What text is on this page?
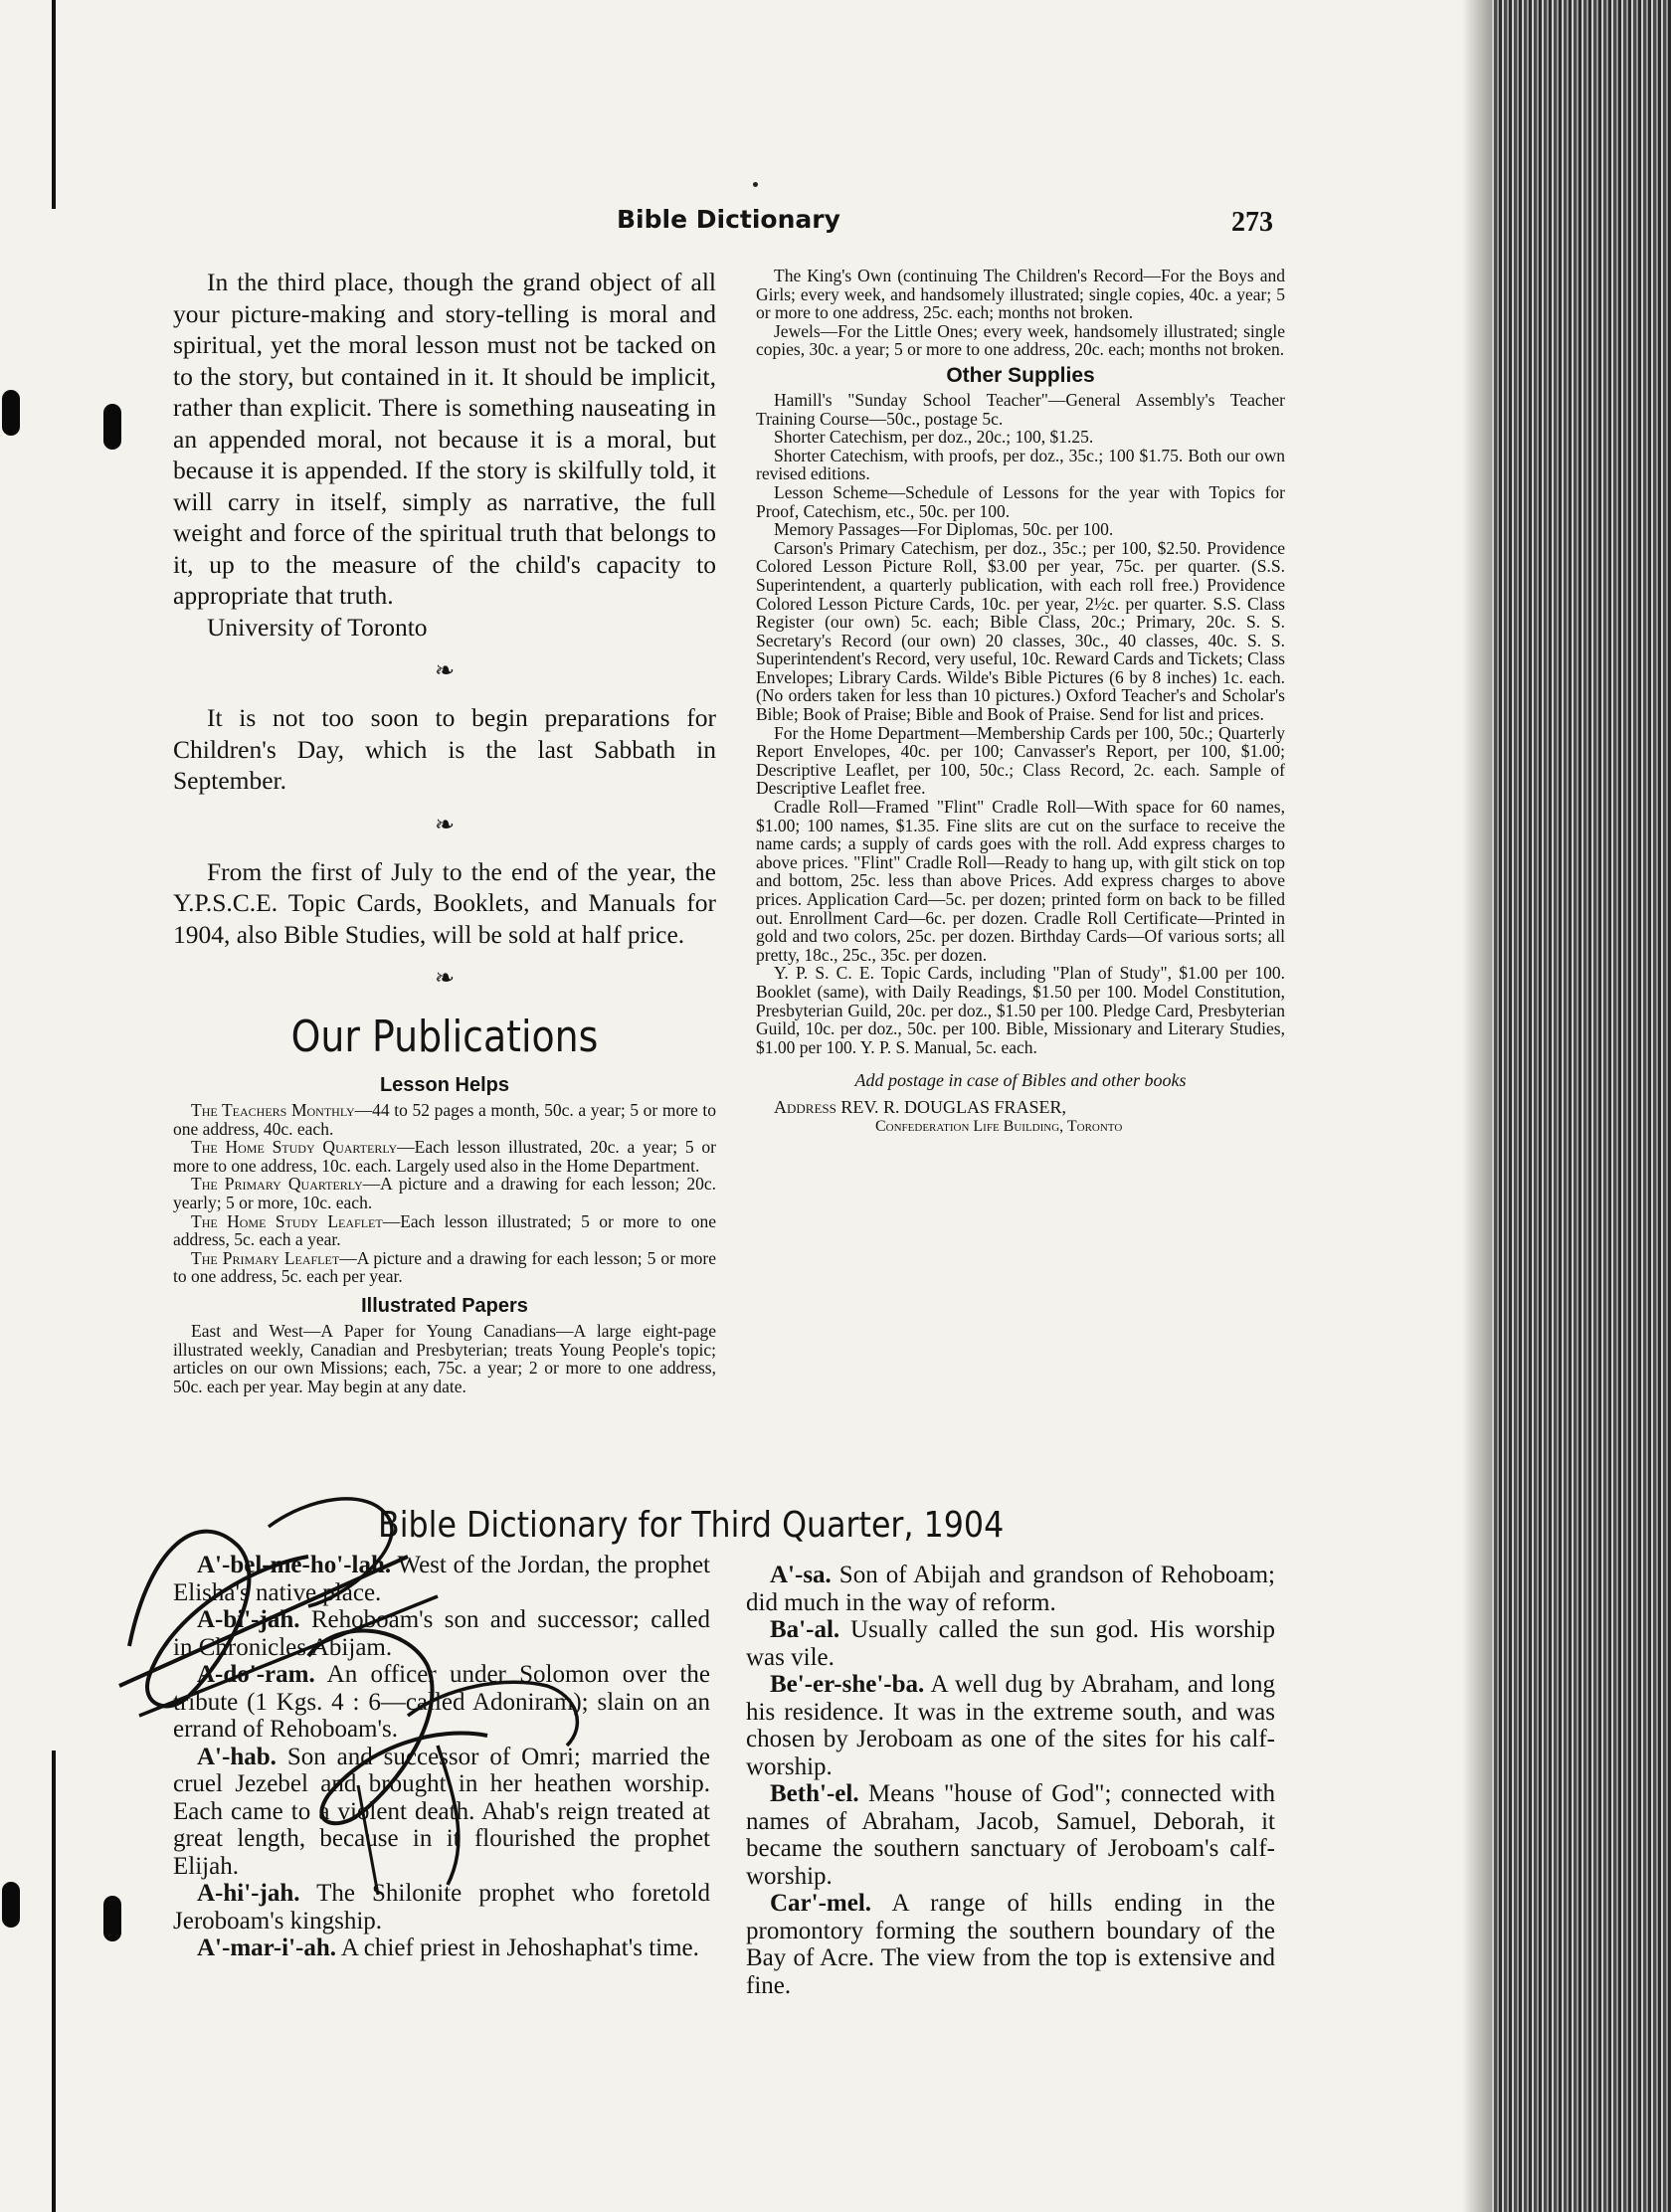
Bible Dictionary	273

In the third place, though the grand object of all your picture-making and story-telling is moral and spiritual, yet the moral lesson must not be tacked on to the story, but contained in it. It should be implicit, rather than explicit. There is something nauseating in an appended moral, not because it is a moral, but because it is appended. If the story is skilfully told, it will carry in itself, simply as narrative, the full weight and force of the spiritual truth that belongs to it, up to the measure of the child's capacity to appropriate that truth.

University of Toronto

❧

It is not too soon to begin preparations for Children's Day, which is the last Sabbath in September.

❧

From the first of July to the end of the year, the Y.P.S.C.E. Topic Cards, Booklets, and Manuals for 1904, also Bible Studies, will be sold at half price.

❧
Our Publications
Lesson Helps

The Teachers Monthly—44 to 52 pages a month, 50c. a year; 5 or more to one address, 40c. each.

The Home Study Quarterly—Each lesson illustrated, 20c. a year; 5 or more to one address, 10c. each. Largely used also in the Home Department.

The Primary Quarterly—A picture and a drawing for each lesson; 20c. yearly; 5 or more, 10c. each.

The Home Study Leaflet—Each lesson illustrated; 5 or more to one address, 5c. each a year.

The Primary Leaflet—A picture and a drawing for each lesson; 5 or more to one address, 5c. each per year.

Illustrated Papers

East and West—A Paper for Young Canadians—A large eight-page illustrated weekly, Canadian and Presbyterian; treats Young People's topic; articles on our own Missions; each, 75c. a year; 2 or more to one address, 50c. each per year. May begin at any date.

The King's Own (continuing The Children's Record—For the Boys and Girls; every week, and handsomely illustrated; single copies, 40c. a year; 5 or more to one address, 25c. each; months not broken.

Jewels—For the Little Ones; every week, handsomely illustrated; single copies, 30c. a year; 5 or more to one address, 20c. each; months not broken.

Other Supplies

Hamill's "Sunday School Teacher"—General Assembly's Teacher Training Course—50c., postage 5c.

Shorter Catechism, per doz., 20c.; 100, $1.25.

Shorter Catechism, with proofs, per doz., 35c.; 100 $1.75. Both our own revised editions.

Lesson Scheme—Schedule of Lessons for the year with Topics for Proof, Catechism, etc., 50c. per 100.

Memory Passages—For Diplomas, 50c. per 100.

Carson's Primary Catechism, per doz., 35c.; per 100, $2.50. Providence Colored Lesson Picture Roll, $3.00 per year, 75c. per quarter. (S.S. Superintendent, a quarterly publication, with each roll free.) Providence Colored Lesson Picture Cards, 10c. per year, 2½c. per quarter. S.S. Class Register (our own) 5c. each; Bible Class, 20c.; Primary, 20c. S. S. Secretary's Record (our own) 20 classes, 30c., 40 classes, 40c. S. S. Superintendent's Record, very useful, 10c. Reward Cards and Tickets; Class Envelopes; Library Cards. Wilde's Bible Pictures (6 by 8 inches) 1c. each. (No orders taken for less than 10 pictures.) Oxford Teacher's and Scholar's Bible; Book of Praise; Bible and Book of Praise. Send for list and prices.

For the Home Department—Membership Cards per 100, 50c.; Quarterly Report Envelopes, 40c. per 100; Canvasser's Report, per 100, $1.00; Descriptive Leaflet, per 100, 50c.; Class Record, 2c. each. Sample of Descriptive Leaflet free.

Cradle Roll—Framed "Flint" Cradle Roll—With space for 60 names, $1.00; 100 names, $1.35. Fine slits are cut on the surface to receive the name cards; a supply of cards goes with the roll. Add express charges to above prices. "Flint" Cradle Roll—Ready to hang up, with gilt stick on top and bottom, 25c. less than above Prices. Add express charges to above prices. Application Card—5c. per dozen; printed form on back to be filled out. Enrollment Card—6c. per dozen. Cradle Roll Certificate—Printed in gold and two colors, 25c. per dozen. Birthday Cards—Of various sorts; all pretty, 18c., 25c., 35c. per dozen.

Y. P. S. C. E. Topic Cards, including "Plan of Study", $1.00 per 100. Booklet (same), with Daily Readings, $1.50 per 100. Model Constitution, Presbyterian Guild, 20c. per doz., $1.50 per 100. Pledge Card, Presbyterian Guild, 10c. per doz., 50c. per 100. Bible, Missionary and Literary Studies, $1.00 per 100. Y. P. S. Manual, 5c. each.

Add postage in case of Bibles and other books
Address REV. R. DOUGLAS FRASER,
Confederation Life Building, Toronto
Bible Dictionary for Third Quarter, 1904

A'-bel-me-ho'-lah. West of the Jordan, the prophet Elisha's native place.

A-bi'-jah. Rehoboam's son and successor; called in Chronicles Abijam.

A-do'-ram. An officer under Solomon over the tribute (1 Kgs. 4 : 6—called Adoniram); slain on an errand of Rehoboam's.

A'-hab. Son and successor of Omri; married the cruel Jezebel and brought in her heathen worship. Each came to a violent death. Ahab's reign treated at great length, because in it flourished the prophet Elijah.

A-hi'-jah. The Shilonite prophet who foretold Jeroboam's kingship.

A'-mar-i'-ah. A chief priest in Jehoshaphat's time.

A'-sa. Son of Abijah and grandson of Rehoboam; did much in the way of reform.

Ba'-al. Usually called the sun god. His worship was vile.

Be'-er-she'-ba. A well dug by Abraham, and long his residence. It was in the extreme south, and was chosen by Jeroboam as one of the sites for his calf-worship.

Beth'-el. Means "house of God"; connected with names of Abraham, Jacob, Samuel, Deborah, it became the southern sanctuary of Jeroboam's calf-worship.

Car'-mel. A range of hills ending in the promontory forming the southern boundary of the Bay of Acre. The view from the top is extensive and fine.
